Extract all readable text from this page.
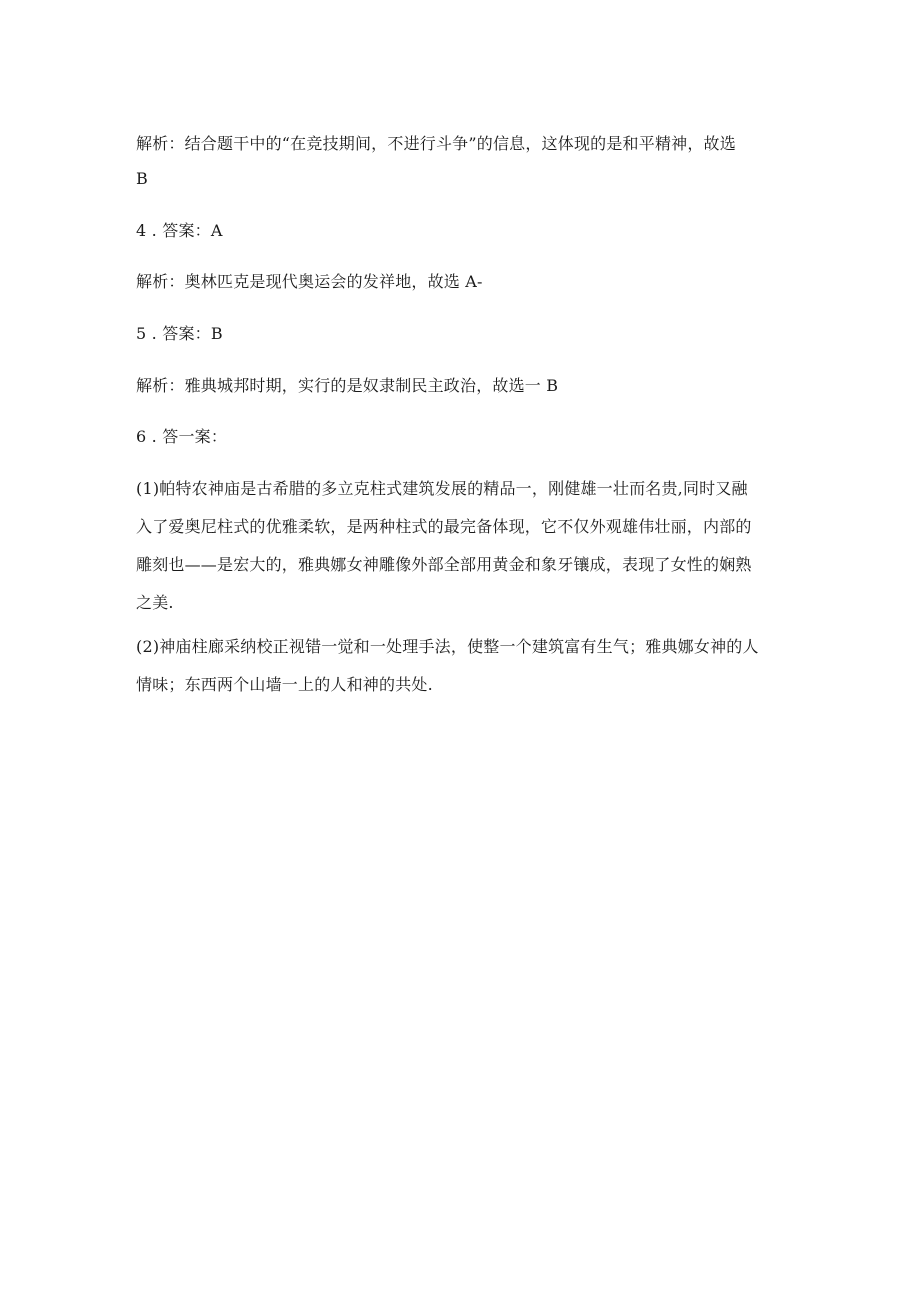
解析：结合题干中的“在竞技期间，不进行斗争”的信息，这体现的是和平精神，故选
B
4 . 答案：A
解析：奥林匹克是现代奥运会的发祥地，故选 A-
5 . 答案：B
解析：雅典城邦时期，实行的是奴隶制民主政治，故选一 B
6 . 答一案：
(1)帕特农神庙是古希腊的多立克柱式建筑发展的精品一，刚健雄一壮而名贵,同时又融
入了爱奥尼柱式的优雅柔软，是两种柱式的最完备体现，它不仅外观雄伟壮丽，内部的
雕刻也——是宏大的，雅典娜女神雕像外部全部用黄金和象牙镶成，表现了女性的娴熟
之美.
(2)神庙柱廊采纳校正视错一觉和一处理手法，使整一个建筑富有生气；雅典娜女神的人
情味；东西两个山墙一上的人和神的共处.
